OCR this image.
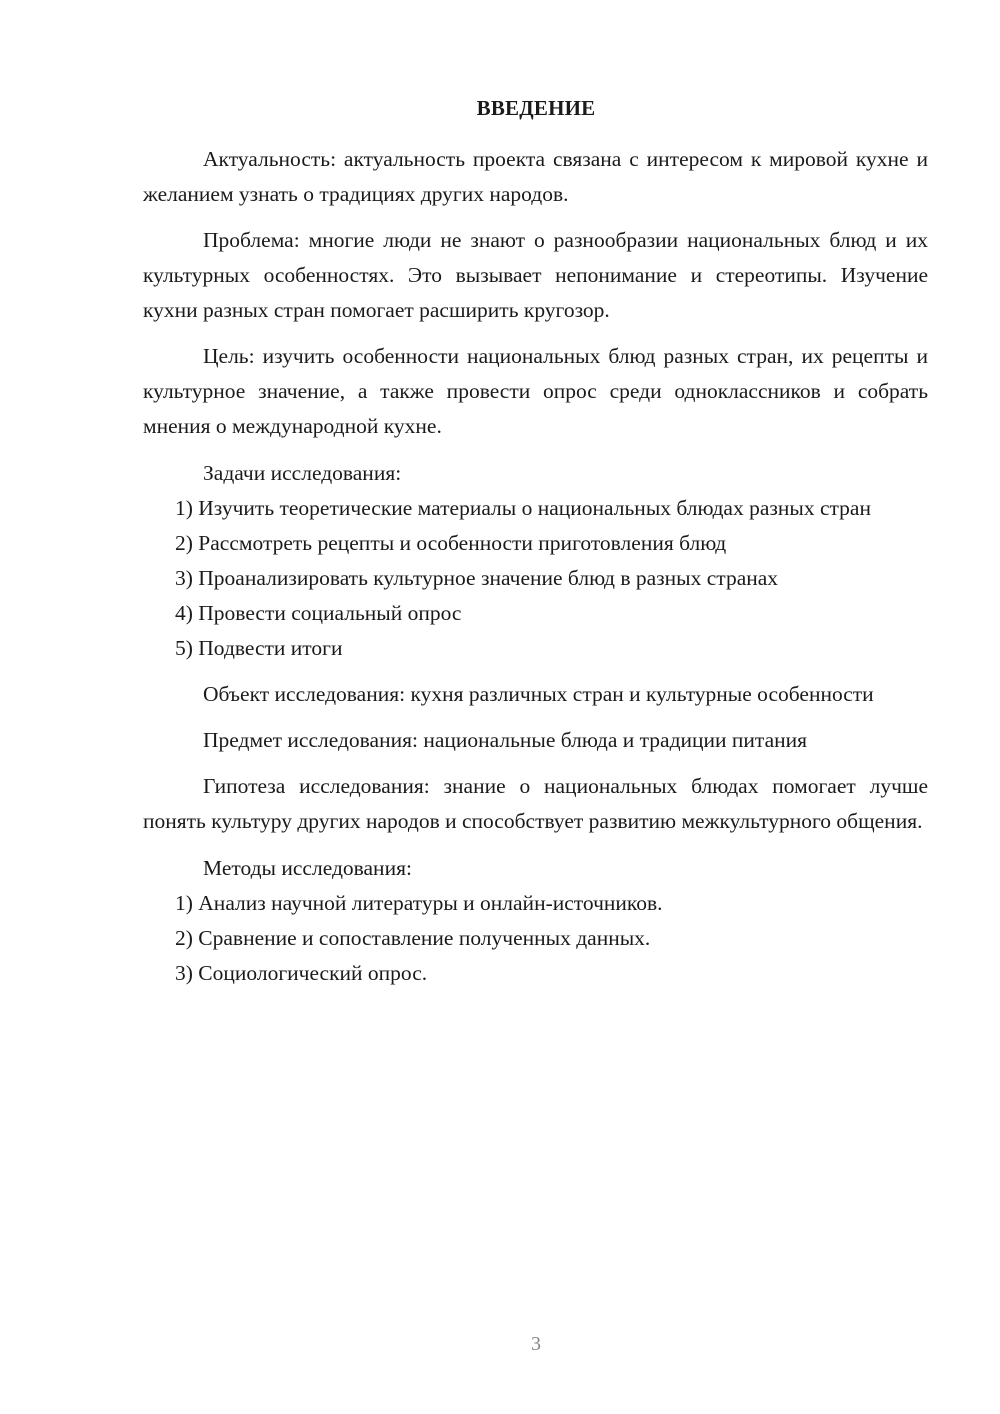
ВВЕДЕНИЕ

Актуальность: актуальность проекта связана с интересом к мировой кухне и желанием узнать о традициях других народов.

Проблема: многие люди не знают о разнообразии национальных блюд и их культурных особенностях. Это вызывает непонимание и стереотипы. Изучение кухни разных стран помогает расширить кругозор.

Цель: изучить особенности национальных блюд разных стран, их рецепты и культурное значение, а также провести опрос среди одноклассников и собрать мнения о международной кухне.

Задачи исследования:

1) Изучить теоретические материалы о национальных блюдах разных стран

2) Рассмотреть рецепты и особенности приготовления блюд

3) Проанализировать культурное значение блюд в разных странах

4) Провести социальный опрос

5) Подвести итоги

Объект исследования: кухня различных стран и культурные особенности

Предмет исследования: национальные блюда и традиции питания

Гипотеза исследования: знание о национальных блюдах помогает лучше понять культуру других народов и способствует развитию межкультурного общения.

Методы исследования:

1) Анализ научной литературы и онлайн-источников.

2) Сравнение и сопоставление полученных данных.

3) Социологический опрос.

3
